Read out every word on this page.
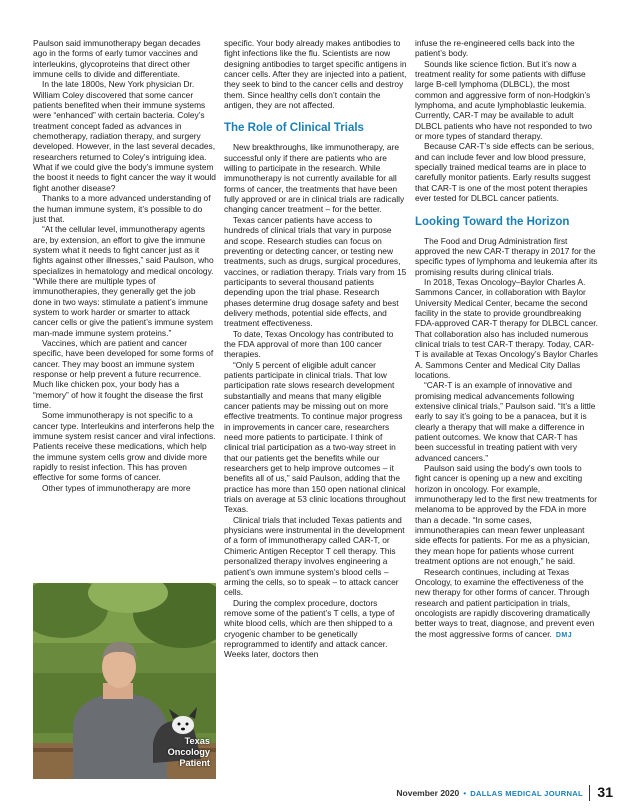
Paulson said immunotherapy began decades ago in the forms of early tumor vaccines and interleukins, glycoproteins that direct other immune cells to divide and differentiate.

In the late 1800s, New York physician Dr. William Coley discovered that some cancer patients benefited when their immune systems were “enhanced” with certain bacteria. Coley’s treatment concept faded as advances in chemotherapy, radiation therapy, and surgery developed. However, in the last several decades, researchers returned to Coley’s intriguing idea. What if we could give the body’s immune system the boost it needs to fight cancer the way it would fight another disease?

Thanks to a more advanced understanding of the human immune system, it’s possible to do just that.

“At the cellular level, immunotherapy agents are, by extension, an effort to give the immune system what it needs to fight cancer just as it fights against other illnesses,” said Paulson, who specializes in hematology and medical oncology. “While there are multiple types of immunotherapies, they generally get the job done in two ways: stimulate a patient’s immune system to work harder or smarter to attack cancer cells or give the patient’s immune system man-made immune system proteins.”

Vaccines, which are patient and cancer specific, have been developed for some forms of cancer. They may boost an immune system response or help prevent a future recurrence. Much like chicken pox, your body has a “memory” of how it fought the disease the first time.

Some immunotherapy is not specific to a cancer type. Interleukins and interferons help the immune system resist cancer and viral infections. Patients receive these medications, which help the immune system cells grow and divide more rapidly to resist infection. This has proven effective for some forms of cancer.

Other types of immunotherapy are more

Texas
Oncology
Patient

specific. Your body already makes antibodies to fight infections like the flu. Scientists are now designing antibodies to target specific antigens in cancer cells. After they are injected into a patient, they seek to bind to the cancer cells and destroy them. Since healthy cells don’t contain the antigen, they are not affected.

The Role of Clinical Trials

New breakthroughs, like immunotherapy, are successful only if there are patients who are willing to participate in the research. While immunotherapy is not currently available for all forms of cancer, the treatments that have been fully approved or are in clinical trials are radically changing cancer treatment – for the better.

Texas cancer patients have access to hundreds of clinical trials that vary in purpose and scope. Research studies can focus on preventing or detecting cancer, or testing new treatments, such as drugs, surgical procedures, vaccines, or radiation therapy. Trials vary from 15 participants to several thousand patients depending upon the trial phase. Research phases determine drug dosage safety and best delivery methods, potential side effects, and treatment effectiveness.

To date, Texas Oncology has contributed to the FDA approval of more than 100 cancer therapies.

“Only 5 percent of eligible adult cancer patients participate in clinical trials. That low participation rate slows research development substantially and means that many eligible cancer patients may be missing out on more effective treatments. To continue major progress in improvements in cancer care, researchers need more patients to participate. I think of clinical trial participation as a two-way street in that our patients get the benefits while our researchers get to help improve outcomes – it benefits all of us,” said Paulson, adding that the practice has more than 150 open national clinical trials on average at 53 clinic locations throughout Texas.

Clinical trials that included Texas patients and physicians were instrumental in the development of a form of immunotherapy called CAR-T, or Chimeric Antigen Receptor T cell therapy. This personalized therapy involves engineering a patient’s own immune system’s blood cells – arming the cells, so to speak – to attack cancer cells.

During the complex procedure, doctors remove some of the patient’s T cells, a type of white blood cells, which are then shipped to a cryogenic chamber to be genetically reprogrammed to identify and attack cancer. Weeks later, doctors then

infuse the re-engineered cells back into the patient’s body.

Sounds like science fiction. But it’s now a treatment reality for some patients with diffuse large B-cell lymphoma (DLBCL), the most common and aggressive form of non-Hodgkin’s lymphoma, and acute lymphoblastic leukemia. Currently, CAR-T may be available to adult DLBCL patients who have not responded to two or more types of standard therapy.

Because CAR-T’s side effects can be serious, and can include fever and low blood pressure, specially trained medical teams are in place to carefully monitor patients. Early results suggest that CAR-T is one of the most potent therapies ever tested for DLBCL cancer patients.

Looking Toward the Horizon

The Food and Drug Administration first approved the new CAR-T therapy in 2017 for the specific types of lymphoma and leukemia after its promising results during clinical trials.

In 2018, Texas Oncology–Baylor Charles A. Sammons Cancer, in collaboration with Baylor University Medical Center, became the second facility in the state to provide groundbreaking FDA-approved CAR-T therapy for DLBCL cancer. That collaboration also has included numerous clinical trials to test CAR-T therapy. Today, CAR-T is available at Texas Oncology’s Baylor Charles A. Sammons Center and Medical City Dallas locations.

“CAR-T is an example of innovative and promising medical advancements following extensive clinical trials,” Paulson said. “It’s a little early to say it’s going to be a panacea, but it is clearly a therapy that will make a difference in patient outcomes. We know that CAR-T has been successful in treating patient with very advanced cancers.”

Paulson said using the body’s own tools to fight cancer is opening up a new and exciting horizon in oncology. For example, immunotherapy led to the first new treatments for melanoma to be approved by the FDA in more than a decade. “In some cases, immunotherapies can mean fewer unpleasant side effects for patients. For me as a physician, they mean hope for patients whose current treatment options are not enough,” he said.

Research continues, including at Texas Oncology, to examine the effectiveness of the new therapy for other forms of cancer. Through research and patient participation in trials, oncologists are rapidly discovering dramatically better ways to treat, diagnose, and prevent even the most aggressive forms of cancer. DMJ

November 2020 • DALLAS MEDICAL JOURNAL 31
